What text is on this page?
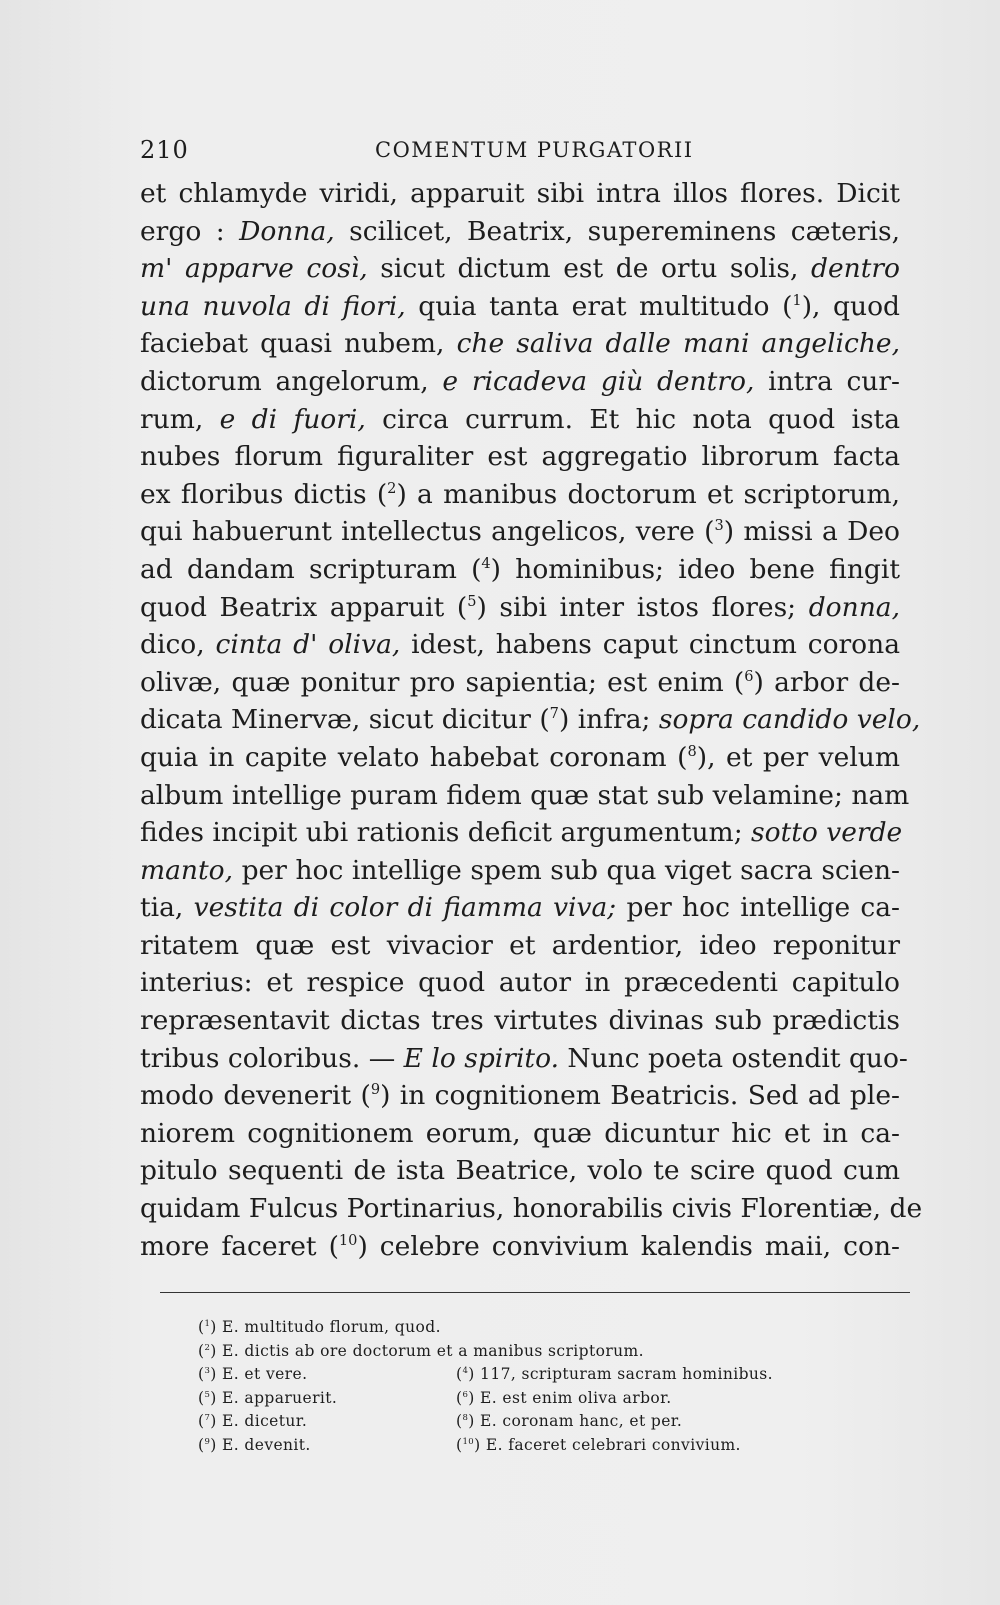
210	COMENTUM PURGATORII
et chlamyde viridi, apparuit sibi intra illos flores. Dicit
ergo : Donna, scilicet, Beatrix, supereminens cæteris,
m' apparve così, sicut dictum est de ortu solis, dentro
una nuvola di fiori, quia tanta erat multitudo ($^1$), quod
faciebat quasi nubem, che saliva dalle mani angeliche,
dictorum angelorum, e ricadeva giù dentro, intra cur-
rum, e di fuori, circa currum. Et hic nota quod ista
nubes florum figuraliter est aggregatio librorum facta
ex floribus dictis ($^2$) a manibus doctorum et scriptorum,
qui habuerunt intellectus angelicos, vere ($^3$) missi a Deo
ad dandam scripturam ($^4$) hominibus; ideo bene fingit
quod Beatrix apparuit ($^5$) sibi inter istos flores; donna,
dico, cinta d' oliva, idest, habens caput cinctum corona
olivæ, quæ ponitur pro sapientia; est enim ($^6$) arbor de-
dicata Minervæ, sicut dicitur ($^7$) infra; sopra candido velo,
quia in capite velato habebat coronam ($^8$), et per velum
album intellige puram fidem quæ stat sub velamine; nam
fides incipit ubi rationis deficit argumentum; sotto verde
manto, per hoc intellige spem sub qua viget sacra scien-
tia, vestita di color di fiamma viva; per hoc intellige ca-
ritatem quæ est vivacior et ardentior, ideo reponitur
interius: et respice quod autor in præcedenti capitulo
repræsentavit dictas tres virtutes divinas sub prædictis
tribus coloribus. — E lo spirito. Nunc poeta ostendit quo-
modo devenerit ($^9$) in cognitionem Beatricis. Sed ad ple-
niorem cognitionem eorum, quæ dicuntur hic et in ca-
pitulo sequenti de ista Beatrice, volo te scire quod cum
quidam Fulcus Portinarius, honorabilis civis Florentiæ, de
more faceret ($^{10}$) celebre convivium kalendis maii, con-
($^1$) E. multitudo florum, quod.
($^2$) E. dictis ab ore doctorum et a manibus scriptorum.
($^3$) E. et vere.	($^4$) 117, scripturam sacram hominibus.
($^5$) E. apparuerit.	($^6$) E. est enim oliva arbor.
($^7$) E. dicetur.	($^8$) E. coronam hanc, et per.
($^9$) E. devenit.	($^{10}$) E. faceret celebrari convivium.
